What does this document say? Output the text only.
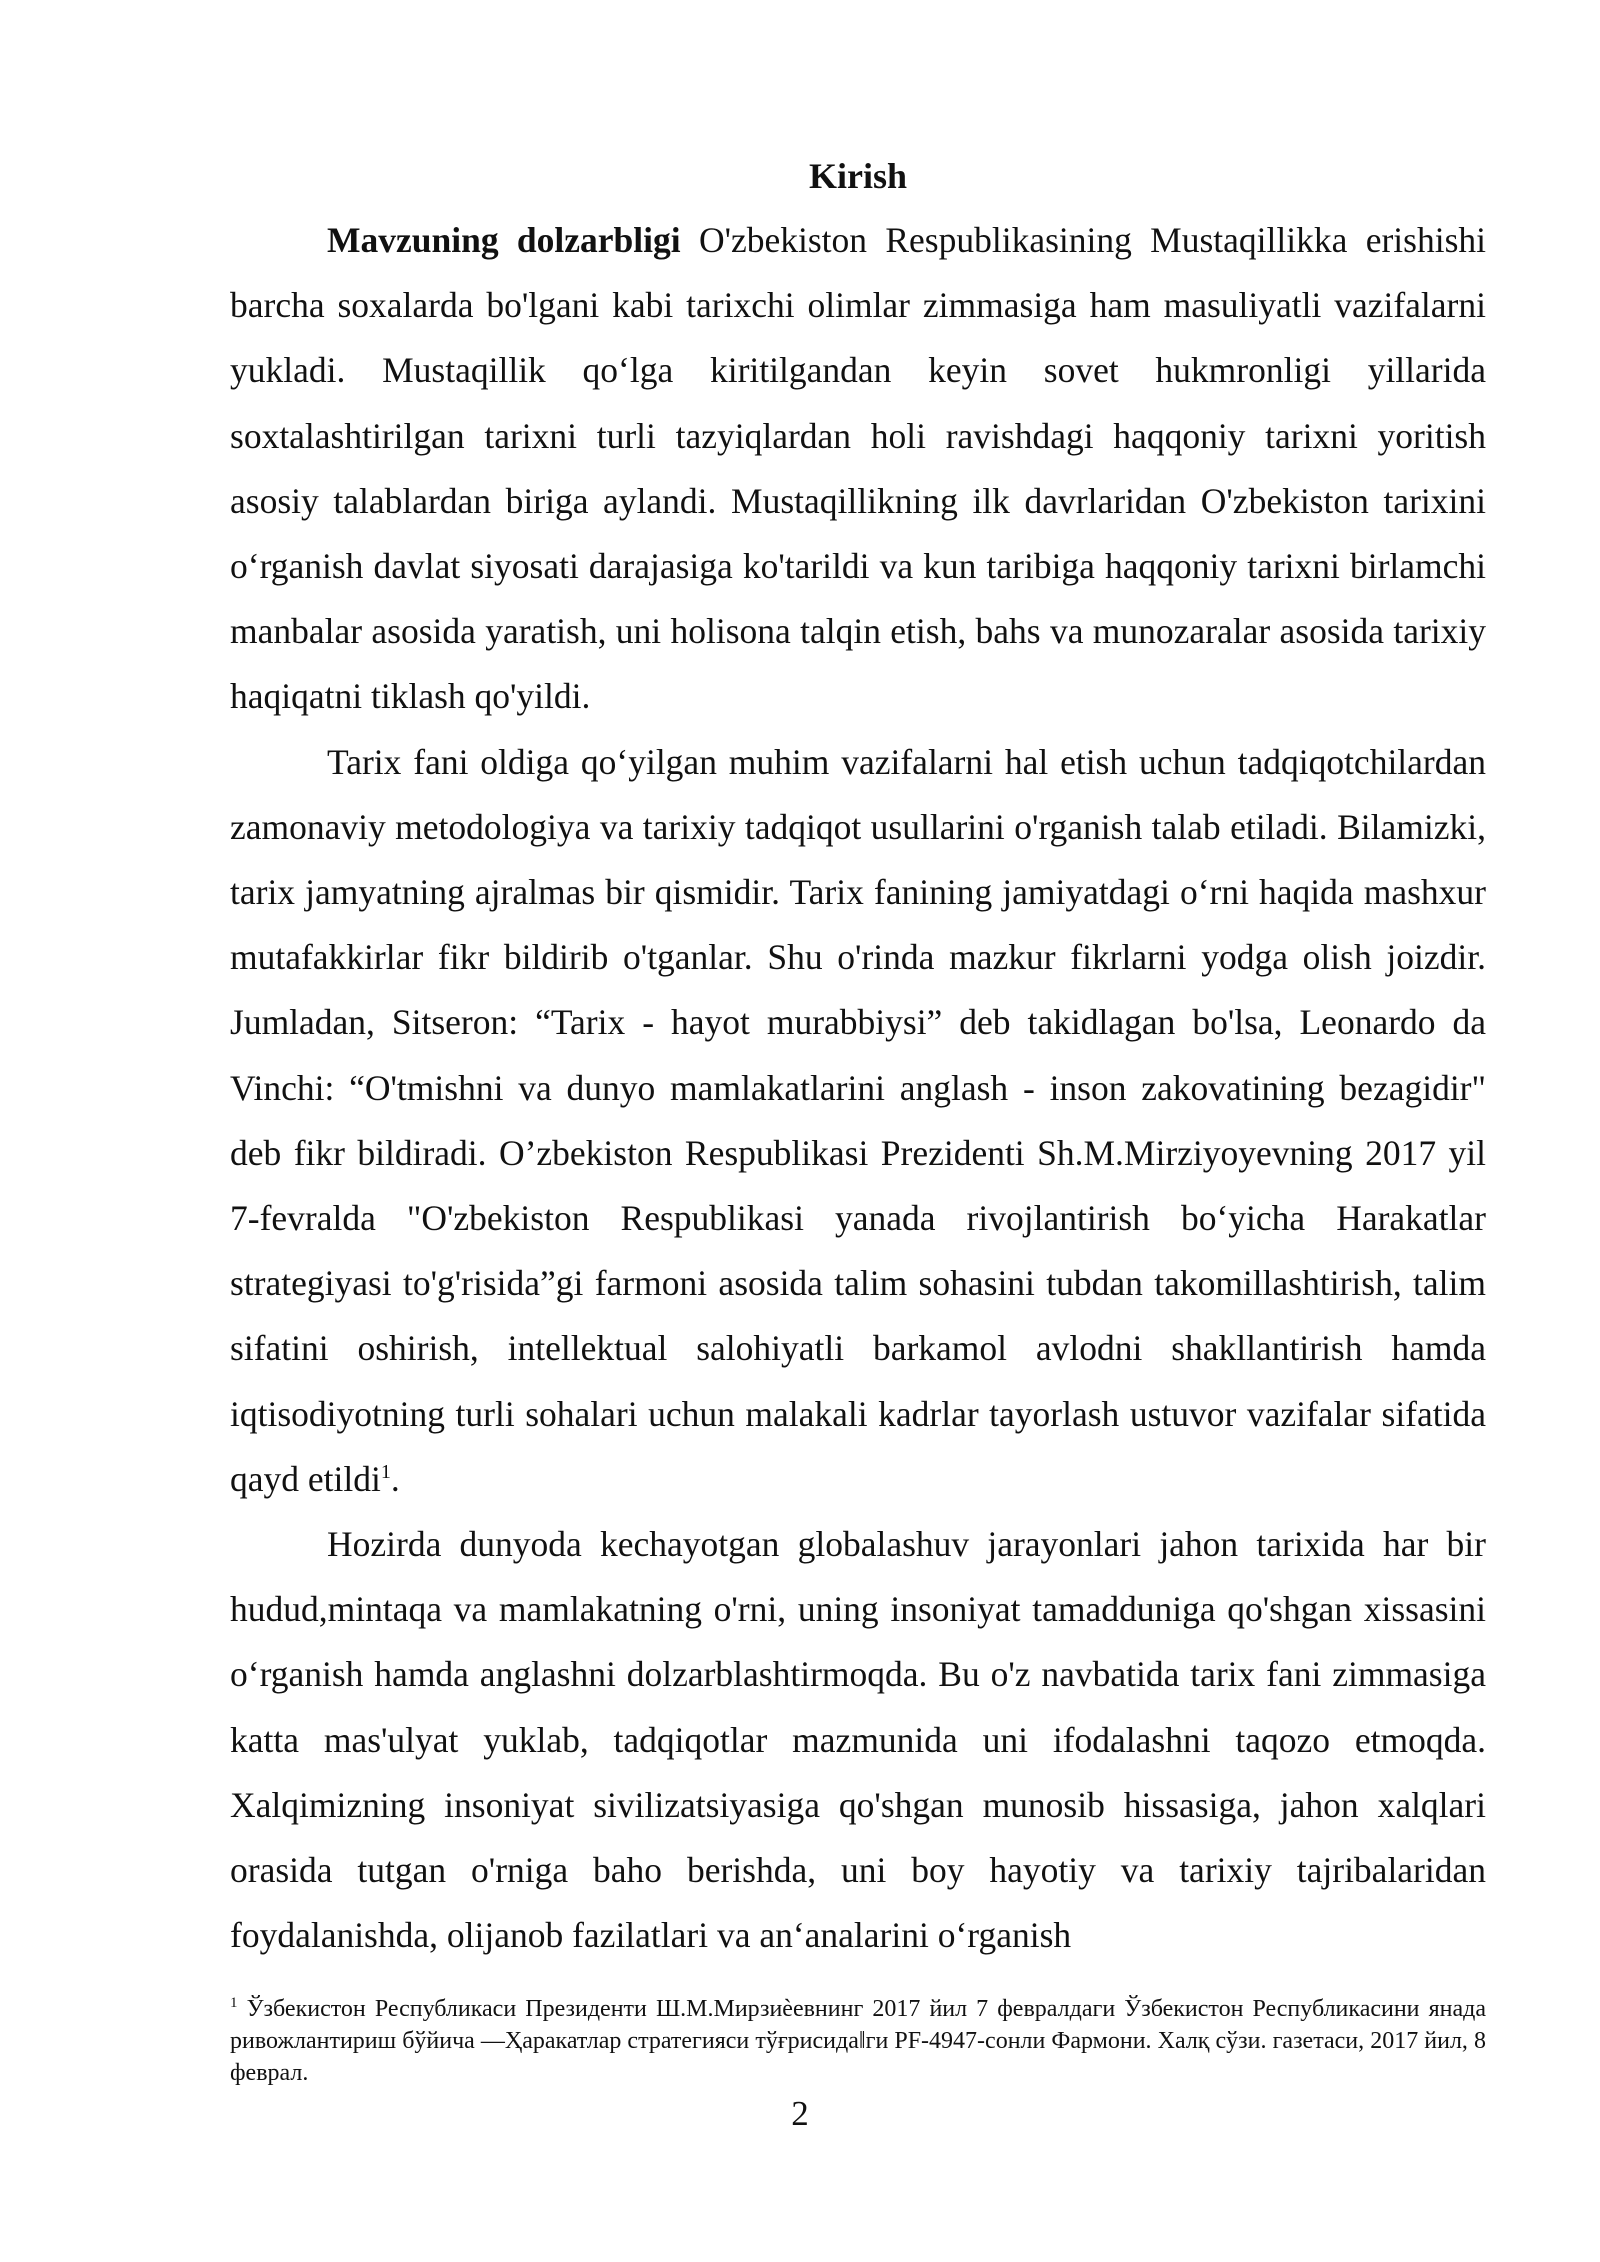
Kirish

Mavzuning dolzarbligi O'zbekiston Respublikasining Mustaqillikka erishishi barcha soxalarda bo'lgani kabi tarixchi olimlar zimmasiga ham masuliyatli vazifalarni yukladi. Mustaqillik qo‘lga kiritilgandan keyin sovet hukmronligi yillarida soxtalashtirilgan tarixni turli tazyiqlardan holi ravishdagi haqqoniy tarixni yoritish asosiy talablardan biriga aylandi. Mustaqillikning ilk davrlaridan O'zbekiston tarixini o‘rganish davlat siyosati darajasiga ko'tarildi va kun taribiga haqqoniy tarixni birlamchi manbalar asosida yaratish, uni holisona talqin etish, bahs va munozaralar asosida tarixiy haqiqatni tiklash qo'yildi.

Tarix fani oldiga qo‘yilgan muhim vazifalarni hal etish uchun tadqiqotchilardan zamonaviy metodologiya va tarixiy tadqiqot usullarini o'rganish talab etiladi. Bilamizki, tarix jamyatning ajralmas bir qismidir. Tarix fanining jamiyatdagi o‘rni haqida mashxur mutafakkirlar fikr bildirib o'tganlar. Shu o'rinda mazkur fikrlarni yodga olish joizdir. Jumladan, Sitseron: “Tarix - hayot murabbiysi” deb takidlagan bo'lsa, Leonardo da Vinchi: “O'tmishni va dunyo mamlakatlarini anglash - inson zakovatining bezagidir" deb fikr bildiradi. O’zbekiston Respublikasi Prezidenti Sh.M.Mirziyoyevning 2017 yil 7-fevralda "O'zbekiston Respublikasi yanada rivojlantirish bo‘yicha Harakatlar strategiyasi to'g'risida”gi farmoni asosida talim sohasini tubdan takomillashtirish, talim sifatini oshirish, intellektual salohiyatli barkamol avlodni shakllantirish hamda iqtisodiyotning turli sohalari uchun malakali kadrlar tayorlash ustuvor vazifalar sifatida qayd etildi$^1$.

Hozirda dunyoda kechayotgan globalashuv jarayonlari jahon tarixida har bir hudud,mintaqa va mamlakatning o'rni, uning insoniyat tamadduniga qo'shgan xissasini o‘rganish hamda anglashni dolzarblashtirmoqda. Bu o'z navbatida tarix fani zimmasiga katta mas'ulyat yuklab, tadqiqotlar mazmunida uni ifodalashni taqozo etmoqda. Xalqimizning insoniyat sivilizatsiyasiga qo'shgan munosib hissasiga, jahon xalqlari orasida tutgan o'rniga baho berishda, uni boy hayotiy va tarixiy tajribalaridan foydalanishda, olijanob fazilatlari va an‘analarini o‘rganish

$^1$ Ўзбекистон Республикаси Президенти Ш.М.Мирзиѐевнинг 2017 йил 7 февралдаги Ўзбекистон Республикасини янада ривожлантириш бўйича ―Ҳаракатлар стратегияси тўғрисида‖ги PF-4947-сонли Фармони. Халқ сўзи. газетаси, 2017 йил, 8 феврал.

2
